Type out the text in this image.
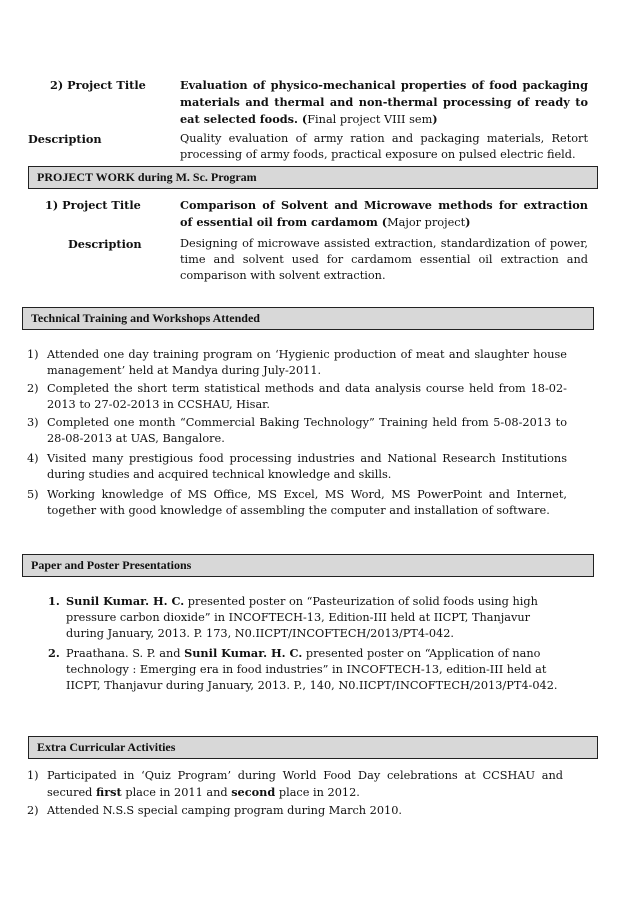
2) Project Title	Evaluation of physico-mechanical properties of food packaging materials and thermal and non-thermal processing of ready to eat selected foods. (Final project VIII sem)
Description	Quality evaluation of army ration and packaging materials, Retort processing of army foods, practical exposure on pulsed electric field.
PROJECT WORK during M. Sc. Program
1) Project Title	Comparison of Solvent and Microwave methods for extraction of essential oil from cardamom (Major project)
Description	Designing of microwave assisted extraction, standardization of power, time and solvent used for cardamom essential oil extraction and comparison with solvent extraction.
Technical Training and Workshops Attended
1) Attended one day training program on ‘Hygienic production of meat and slaughter house management’ held at Mandya during July-2011.
2) Completed the short term statistical methods and data analysis course held from 18-02-2013 to 27-02-2013 in CCSHAU, Hisar.
3) Completed one month “Commercial Baking Technology” Training held from 5-08-2013 to 28-08-2013 at UAS, Bangalore.
4) Visited many prestigious food processing industries and National Research Institutions during studies and acquired technical knowledge and skills.
5) Working knowledge of MS Office, MS Excel, MS Word, MS PowerPoint and Internet, together with good knowledge of assembling the computer and installation of software.
Paper and Poster Presentations
1. Sunil Kumar. H. C. presented poster on “Pasteurization of solid foods using high pressure carbon dioxide” in INCOFTECH-13, Edition-III held at IICPT, Thanjavur during January, 2013. P. 173, N0.IICPT/INCOFTECH/2013/PT4-042.
2. Praathana. S. P. and Sunil Kumar. H. C. presented poster on “Application of nano technology : Emerging era in food industries” in INCOFTECH-13, edition-III held at IICPT, Thanjavur during January, 2013. P., 140, N0.IICPT/INCOFTECH/2013/PT4-042.
Extra Curricular Activities
1) Participated in ‘Quiz Program’ during World Food Day celebrations at CCSHAU and secured first place in 2011 and second place in 2012.
2) Attended N.S.S special camping program during March 2010.
